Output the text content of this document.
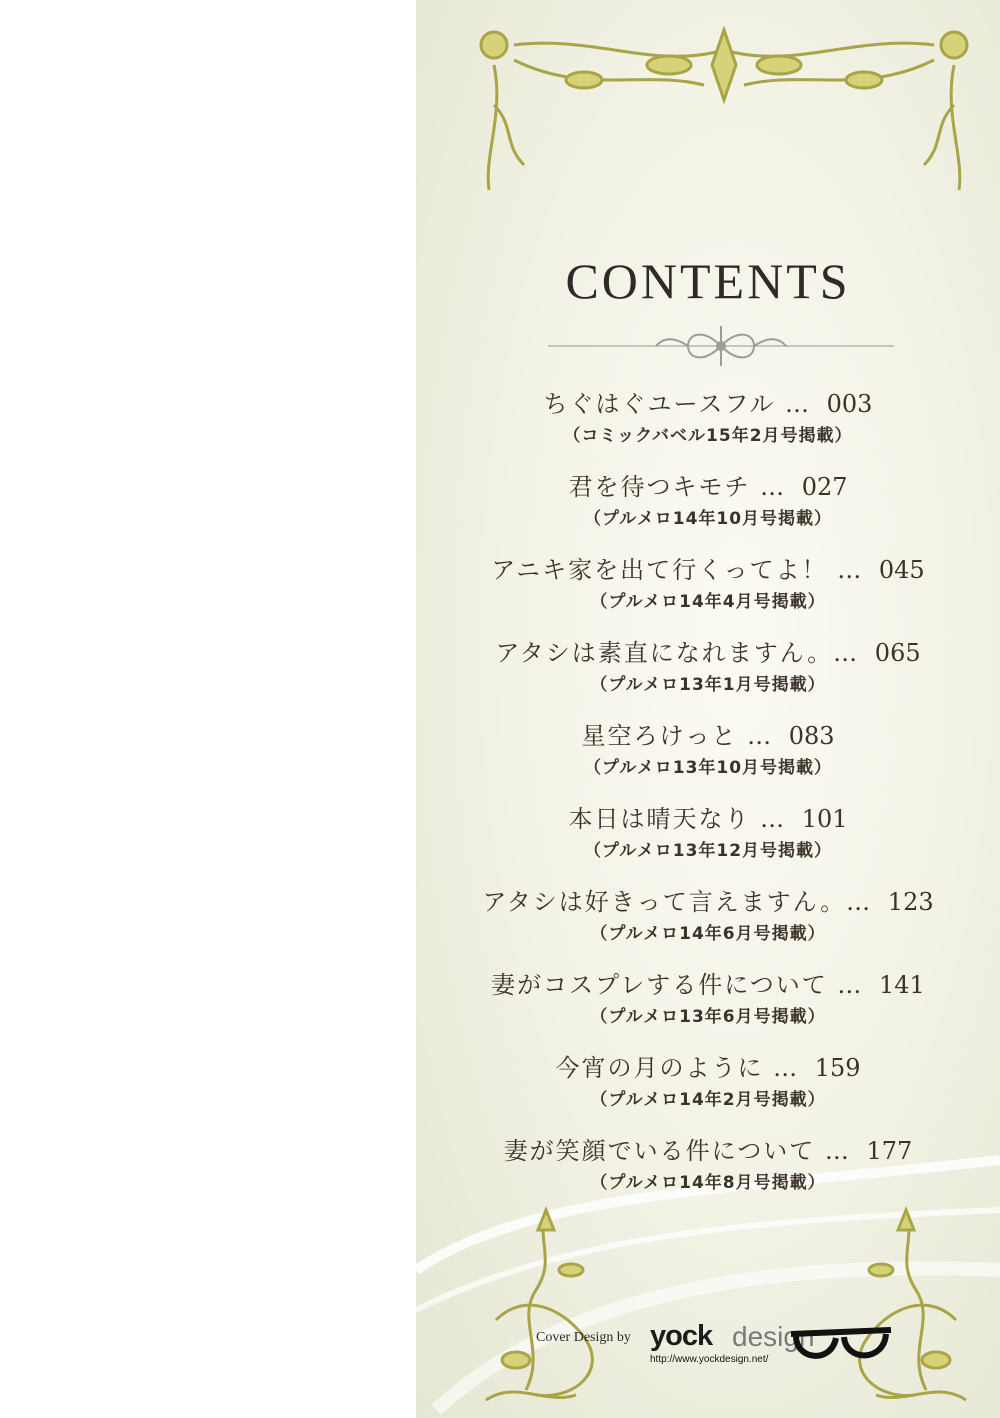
CONTENTS
ちぐはぐユースフル … 003
（コミックバベル15年2月号掲載）
君を待つキモチ … 027
（プルメロ14年10月号掲載）
アニキ家を出て行くってよ！ … 045
（プルメロ14年4月号掲載）
アタシは素直になれますん。… 065
（プルメロ13年1月号掲載）
星空ろけっと … 083
（プルメロ13年10月号掲載）
本日は晴天なり … 101
（プルメロ13年12月号掲載）
アタシは好きって言えますん。… 123
（プルメロ14年6月号掲載）
妻がコスプレする件について … 141
（プルメロ13年6月号掲載）
今宵の月のように … 159
（プルメロ14年2月号掲載）
妻が笑顔でいる件について … 177
（プルメロ14年8月号掲載）
Cover Design by yock design
http://www.yockdesign.net/
